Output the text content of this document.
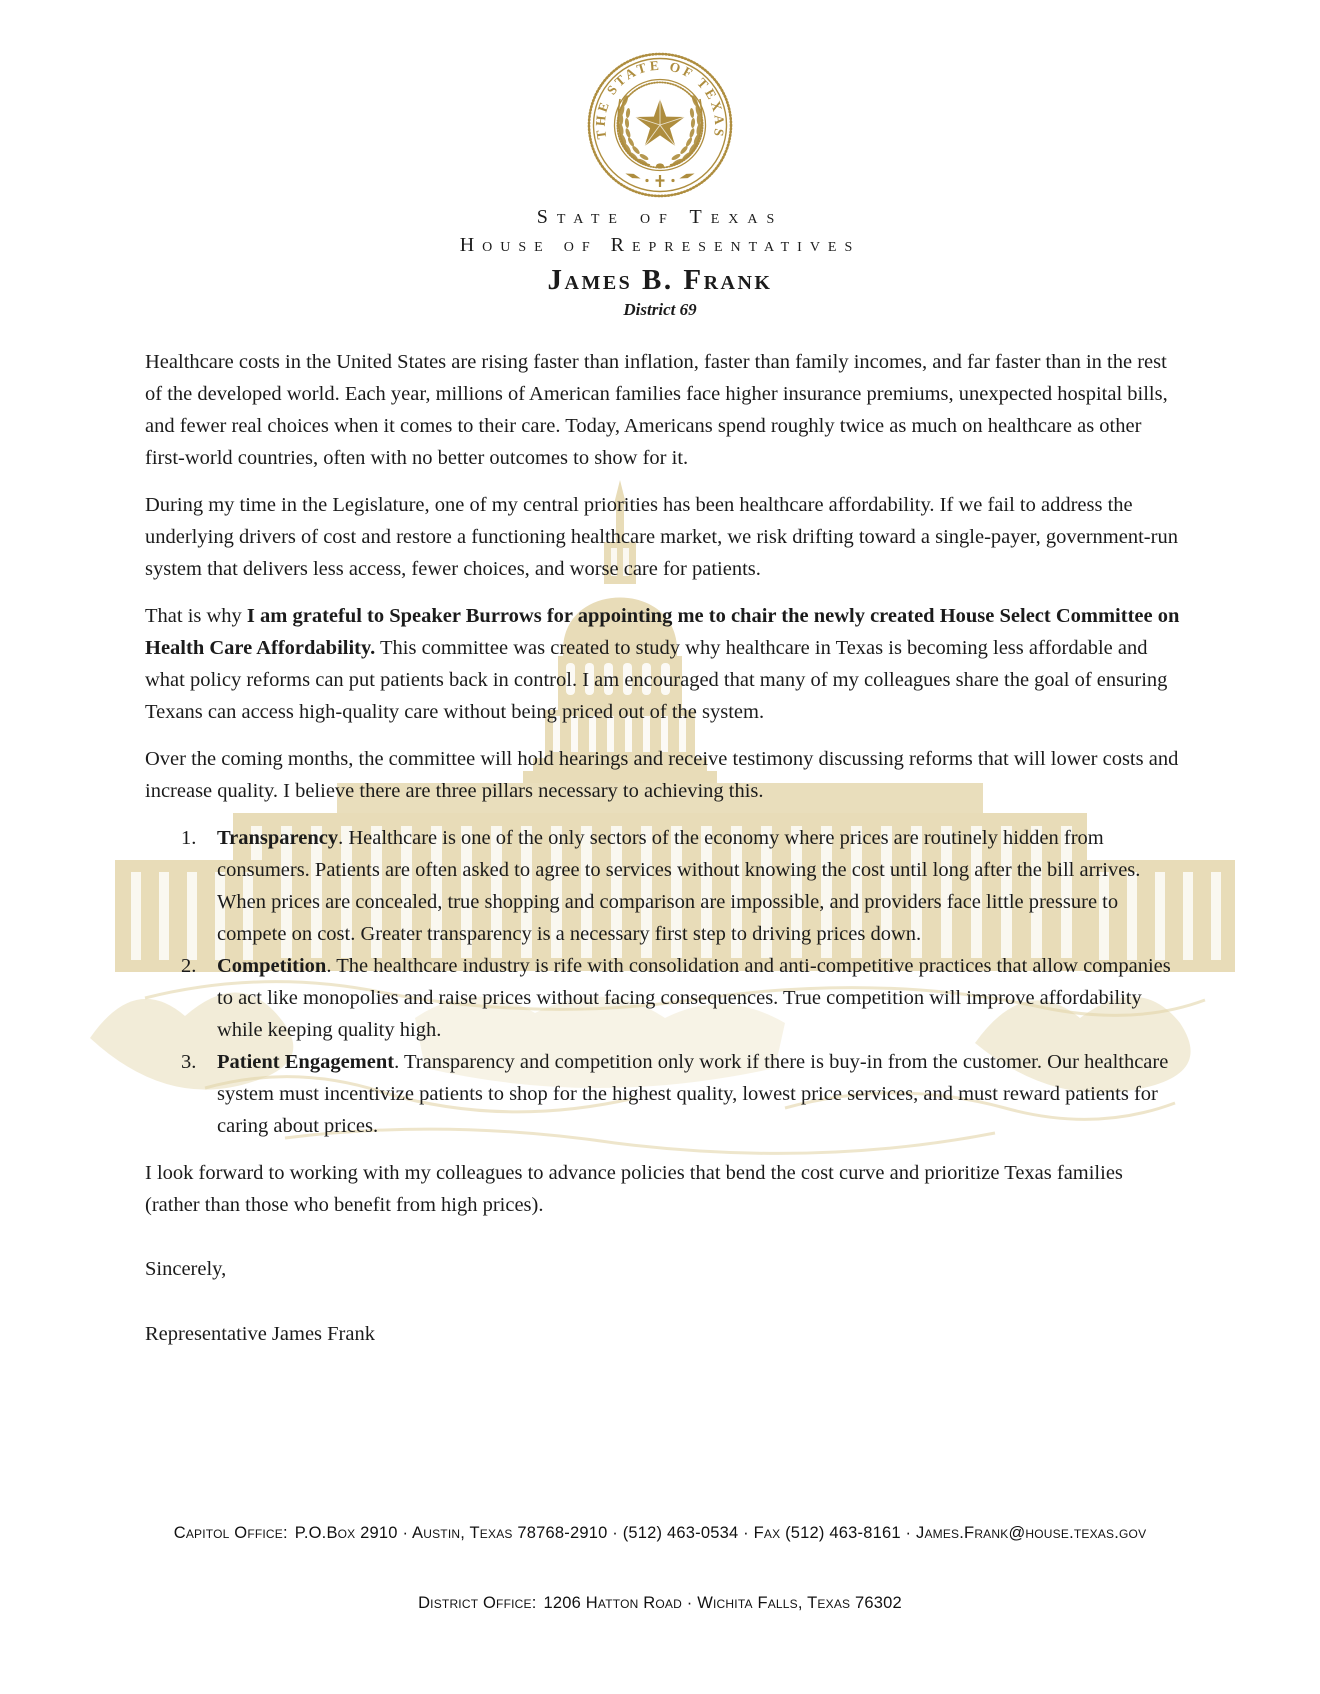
THE STATE OF TEXAS
State of Texas
House of Representatives
James B. Frank
District 69

Healthcare costs in the United States are rising faster than inflation, faster than family incomes, and far faster than in the rest of the developed world. Each year, millions of American families face higher insurance premiums, unexpected hospital bills, and fewer real choices when it comes to their care. Today, Americans spend roughly twice as much on healthcare as other first-world countries, often with no better outcomes to show for it.

During my time in the Legislature, one of my central priorities has been healthcare affordability. If we fail to address the underlying drivers of cost and restore a functioning healthcare market, we risk drifting toward a single-payer, government-run system that delivers less access, fewer choices, and worse care for patients.

That is why I am grateful to Speaker Burrows for appointing me to chair the newly created House Select Committee on Health Care Affordability. This committee was created to study why healthcare in Texas is becoming less affordable and what policy reforms can put patients back in control. I am encouraged that many of my colleagues share the goal of ensuring Texans can access high-quality care without being priced out of the system.

Over the coming months, the committee will hold hearings and receive testimony discussing reforms that will lower costs and increase quality. I believe there are three pillars necessary to achieving this.

1.	Transparency. Healthcare is one of the only sectors of the economy where prices are routinely hidden from consumers. Patients are often asked to agree to services without knowing the cost until long after the bill arrives. When prices are concealed, true shopping and comparison are impossible, and providers face little pressure to compete on cost. Greater transparency is a necessary first step to driving prices down.
2.	Competition. The healthcare industry is rife with consolidation and anti-competitive practices that allow companies to act like monopolies and raise prices without facing consequences. True competition will improve affordability while keeping quality high.
3.	Patient Engagement. Transparency and competition only work if there is buy-in from the customer. Our healthcare system must incentivize patients to shop for the highest quality, lowest price services, and must reward patients for caring about prices.

I look forward to working with my colleagues to advance policies that bend the cost curve and prioritize Texas families (rather than those who benefit from high prices).

Sincerely,

Representative James Frank

Capitol Office: P.O.Box 2910 · Austin, Texas 78768-2910 · (512) 463-0534 · Fax (512) 463-8161 · James.Frank@house.texas.gov
District Office: 1206 Hatton Road · Wichita Falls, Texas 76302
